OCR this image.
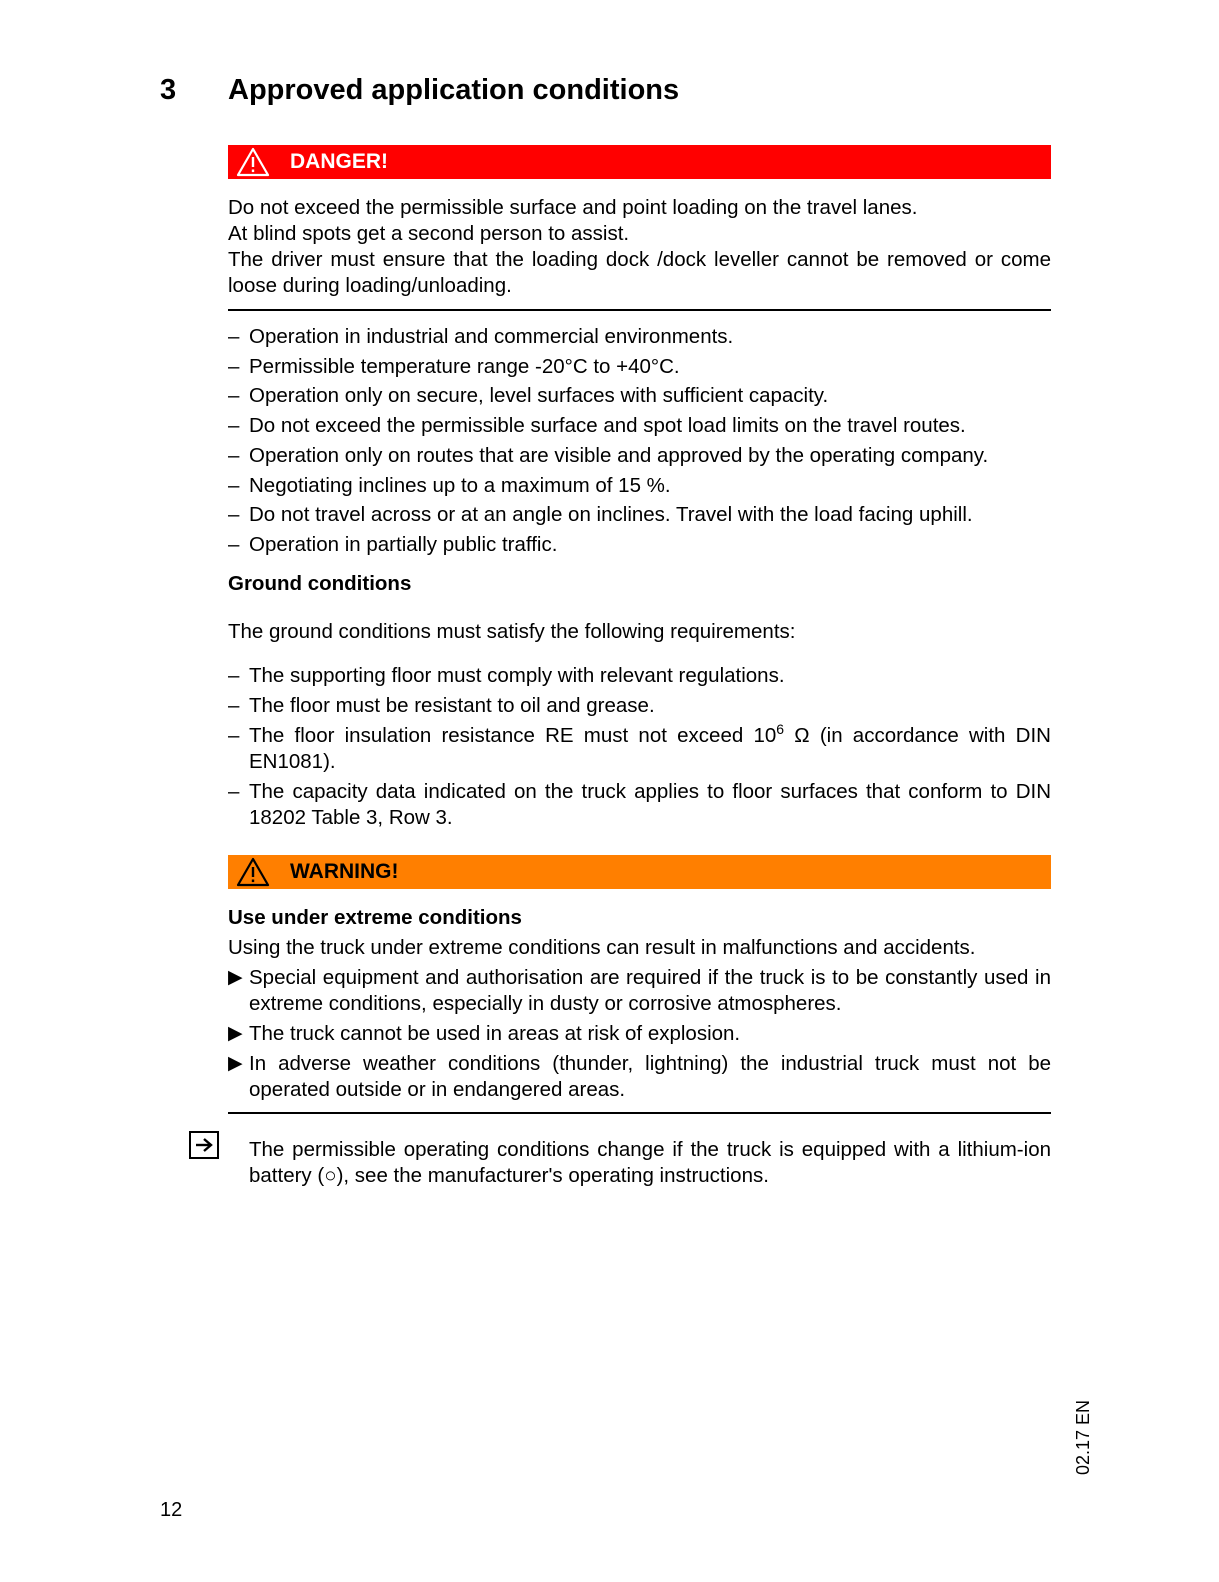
3 Approved application conditions
DANGER!

Do not exceed the permissible surface and point loading on the travel lanes.

At blind spots get a second person to assist.

The driver must ensure that the loading dock /dock leveller cannot be removed or come loose during loading/unloading.

– Operation in industrial and commercial environments.
– Permissible temperature range -20°C to +40°C.
– Operation only on secure, level surfaces with sufficient capacity.
– Do not exceed the permissible surface and spot load limits on the travel routes.
– Operation only on routes that are visible and approved by the operating company.
– Negotiating inclines up to a maximum of 15 %.
– Do not travel across or at an angle on inclines. Travel with the load facing uphill.
– Operation in partially public traffic.
Ground conditions
The ground conditions must satisfy the following requirements:
– The supporting floor must comply with relevant regulations.
– The floor must be resistant to oil and grease.
– The floor insulation resistance RE must not exceed $10^6$ Ω (in accordance with DIN EN1081).
– The capacity data indicated on the truck applies to floor surfaces that conform to DIN 18202 Table 3, Row 3.
WARNING!
Use under extreme conditions
Using the truck under extreme conditions can result in malfunctions and accidents.
▶ Special equipment and authorisation are required if the truck is to be constantly used in extreme conditions, especially in dusty or corrosive atmospheres.
▶ The truck cannot be used in areas at risk of explosion.
▶ In adverse weather conditions (thunder, lightning) the industrial truck must not be operated outside or in endangered areas.
The permissible operating conditions change if the truck is equipped with a lithium-ion battery (○), see the manufacturer's operating instructions.
12
02.17 EN
